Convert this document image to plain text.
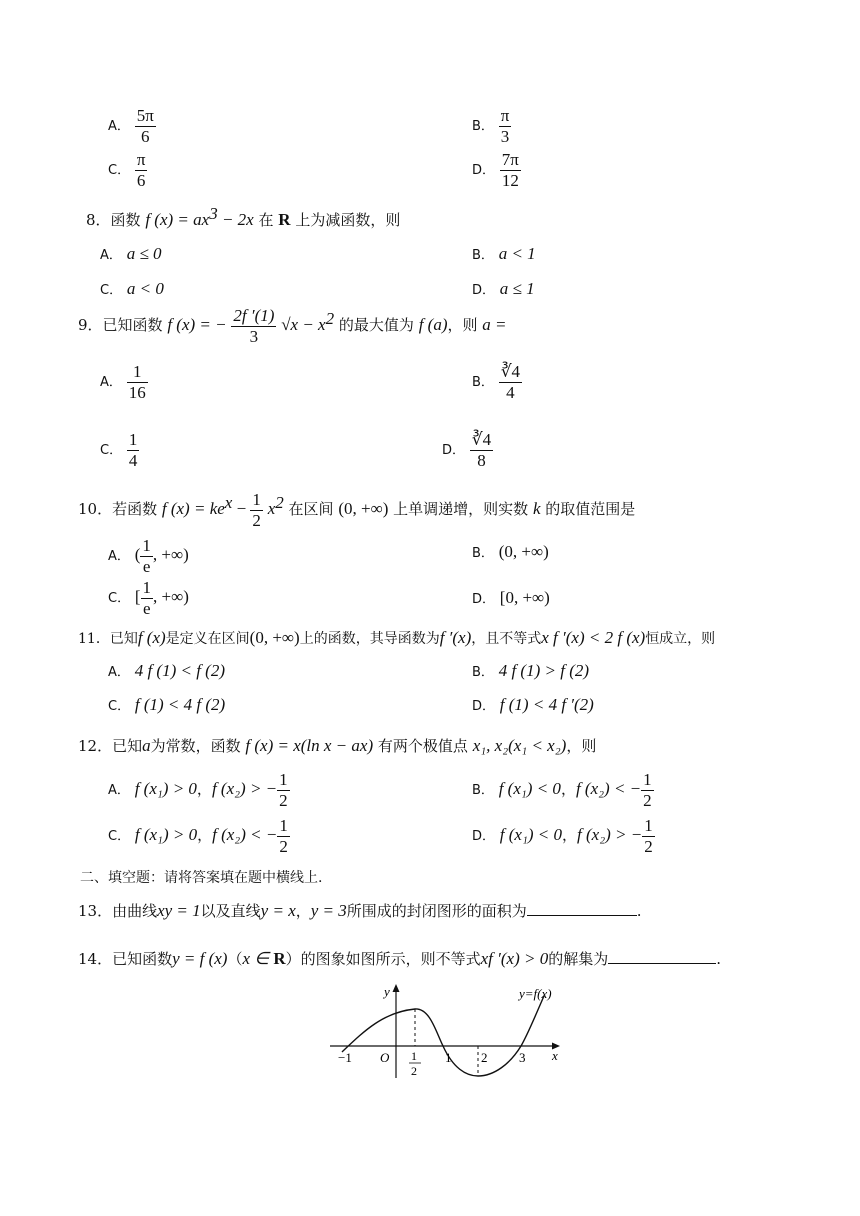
A． $\frac{5\pi}{6}$	B． $\frac{\pi}{3}$
C． $\frac{\pi}{6}$	D． $\frac{7\pi}{12}$
8．函数 f $(x) = ax^3 - 2x$ 在 R 上为减函数，则
A． a ≤ 0	B． a < 1
C． a < 0	D． a ≤ 1
9．已知函数 f (x) = − $\frac{2f '(1)}{3} √x - x^2$ 的最大值为 f (a)，则 a =
A． $\frac{1}{16}$	B． $\frac{∛4}{4}$
C． $\frac{1}{4}$	D． $\frac{∛4}{8}$
10．若函数 f $(x) = ke^x - \frac{1}{2} x^2$ 在区间 (0, +∞) 上单调递增，则实数 k 的取值范围是
A． ( $\frac{1}{e}$ , +∞)	B． (0, +∞)
C． [ $\frac{1}{e}$ , +∞)	D． [0, +∞)
11．已知f (x)是定义在区间(0, +∞)上的函数，其导函数为f ′(x)，且不等式x f ′(x) < 2 f (x)恒成立，则
A． 4 f (1) < f (2)	B． 4 f (1) > f (2)
C． f (1) < 4 f (2)	D． f (1) < 4 f ′(2)
12．已知a为常数，函数 f (x) = x(ln x − ax) 有两个极值点 x₁, x₂(x₁ < x₂)，则
A． f (x₁) > 0，f (x₂) > − $\frac{1}{2}$	B． f (x₁) < 0，f (x₂) < − $\frac{1}{2}$
C． f (x₁) > 0，f (x₂) < − $\frac{1}{2}$	D． f (x₁) < 0，f (x₂) > − $\frac{1}{2}$
二、填空题：请将答案填在题中横线上.
13．由曲线xy = 1以及直线y = x，y = 3所围成的封闭图形的面积为	.
14．已知函数y = f (x)（x ∈ R）的图象如图所示，则不等式xf ′(x) > 0的解集为	.
y
x
O
y=f(x)
−1	1
2
1 2 3
